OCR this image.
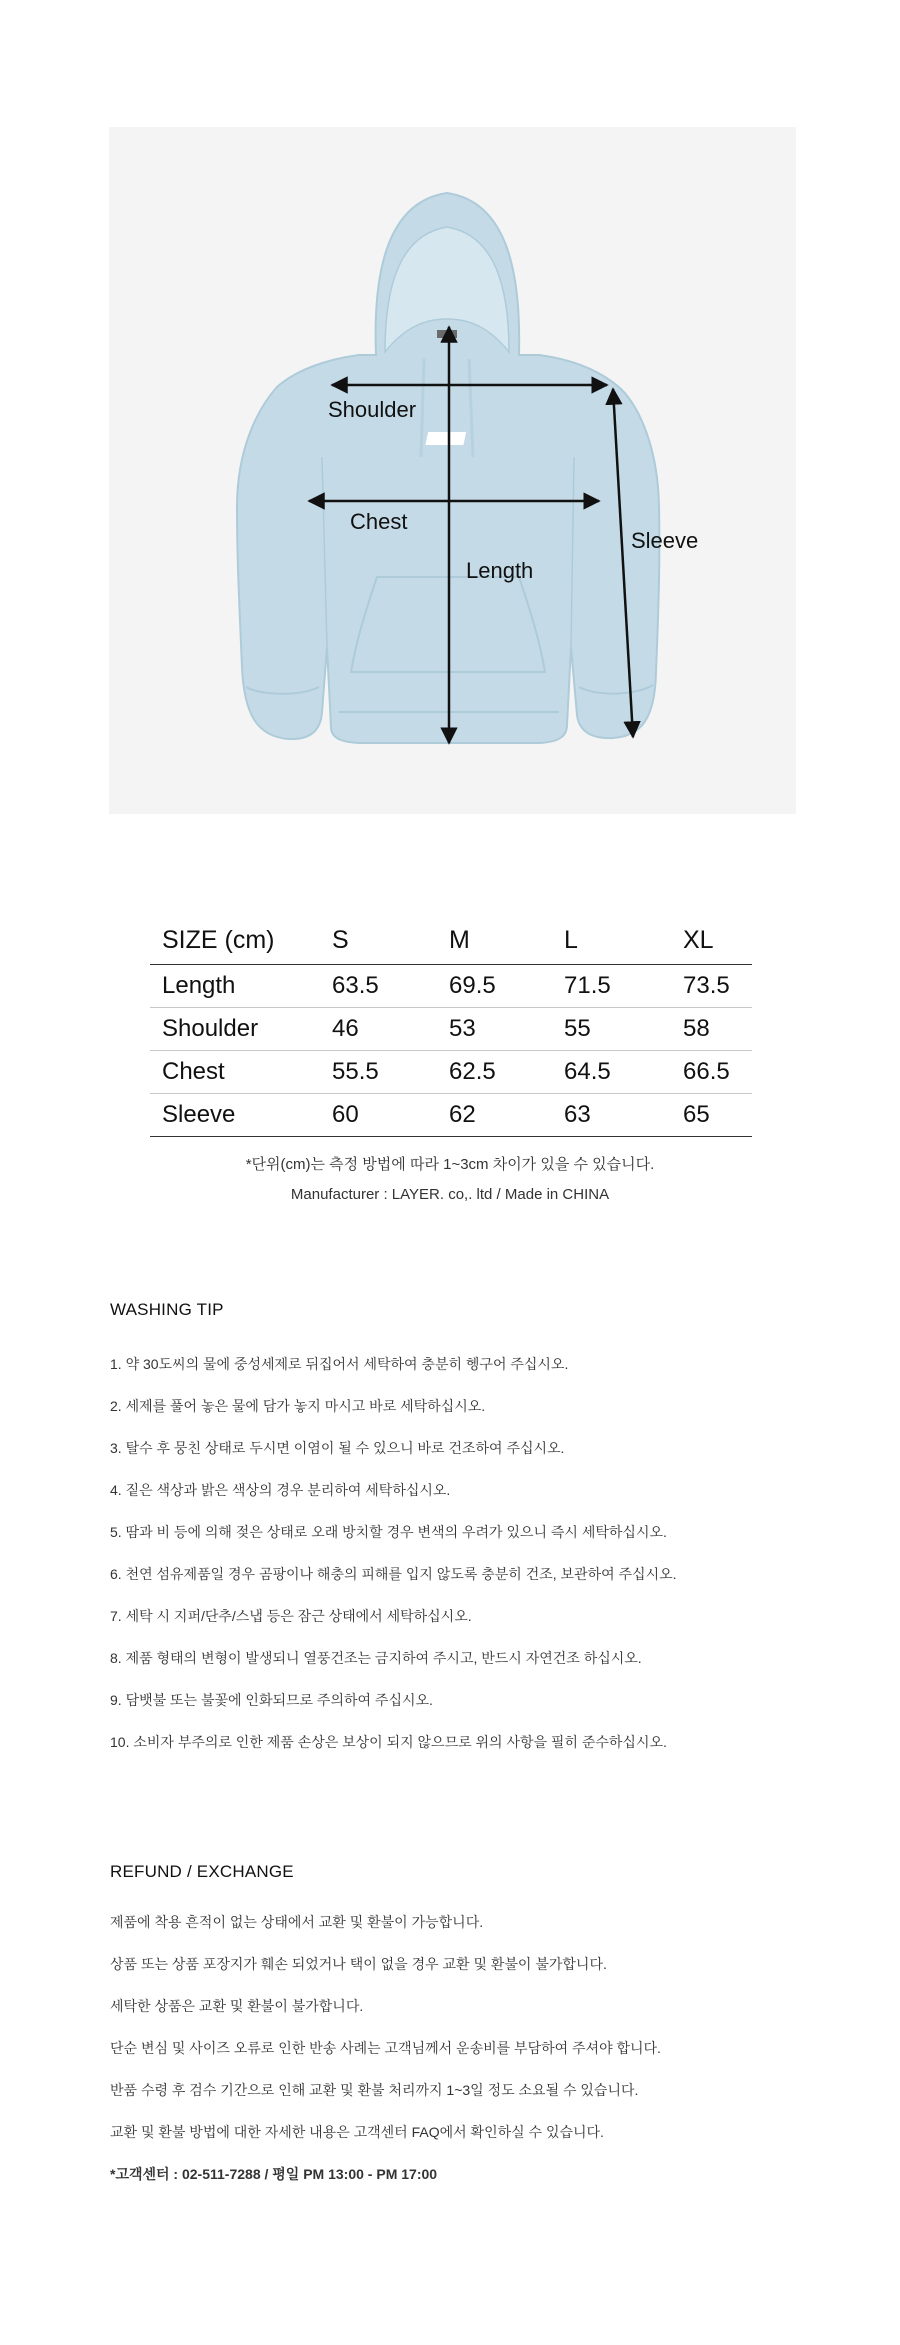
Shoulder
Chest
Length
Sleeve
SIZE (cm)	S	M	L	XL
Length	63.5	69.5	71.5	73.5
Shoulder	46	53	55	58
Chest	55.5	62.5	64.5	66.5
Sleeve	60	62	63	65
*단위(cm)는 측정 방법에 따라 1~3cm 차이가 있을 수 있습니다.
Manufacturer : LAYER. co,. ltd / Made in CHINA
WASHING TIP
1. 약 30도씨의 물에 중성세제로 뒤집어서 세탁하여 충분히 헹구어 주십시오.
2. 세제를 풀어 놓은 물에 담가 놓지 마시고 바로 세탁하십시오.
3. 탈수 후 뭉친 상태로 두시면 이염이 될 수 있으니 바로 건조하여 주십시오.
4. 짙은 색상과 밝은 색상의 경우 분리하여 세탁하십시오.
5. 땀과 비 등에 의해 젖은 상태로 오래 방치할 경우 변색의 우려가 있으니 즉시 세탁하십시오.
6. 천연 섬유제품일 경우 곰팡이나 해충의 피해를 입지 않도록 충분히 건조, 보관하여 주십시오.
7. 세탁 시 지퍼/단추/스냅 등은 잠근 상태에서 세탁하십시오.
8. 제품 형태의 변형이 발생되니 열풍건조는 금지하여 주시고, 반드시 자연건조 하십시오.
9. 담뱃불 또는 불꽃에 인화되므로 주의하여 주십시오.
10. 소비자 부주의로 인한 제품 손상은 보상이 되지 않으므로 위의 사항을 필히 준수하십시오.
REFUND / EXCHANGE
제품에 착용 흔적이 없는 상태에서 교환 및 환불이 가능합니다.
상품 또는 상품 포장지가 훼손 되었거나 택이 없을 경우 교환 및 환불이 불가합니다.
세탁한 상품은 교환 및 환불이 불가합니다.
단순 변심 및 사이즈 오류로 인한 반송 사례는 고객님께서 운송비를 부담하여 주셔야 합니다.
반품 수령 후 검수 기간으로 인해 교환 및 환불 처리까지 1~3일 정도 소요될 수 있습니다.
교환 및 환불 방법에 대한 자세한 내용은 고객센터 FAQ에서 확인하실 수 있습니다.
*고객센터 : 02-511-7288 / 평일 PM 13:00 - PM 17:00
